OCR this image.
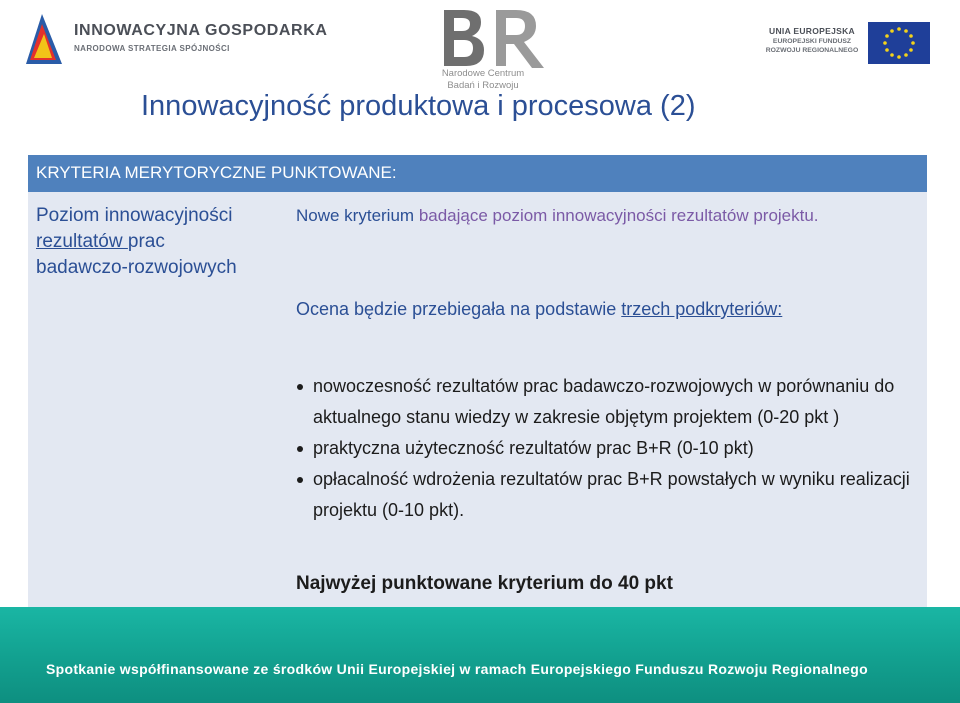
INNOWACYJNA GOSPODARKA
NARODOWA STRATEGIA SPÓJNOŚCI
Narodowe Centrum
Badań i Rozwoju
UNIA EUROPEJSKA
EUROPEJSKI FUNDUSZ
ROZWOJU REGIONALNEGO
Innowacyjność produktowa i procesowa (2)
KRYTERIA MERYTORYCZNE PUNKTOWANE:
Poziom innowacyjności rezultatów prac badawczo-rozwojowych

Nowe kryterium badające poziom innowacyjności rezultatów projektu.

Ocena będzie przebiegała na podstawie trzech podkryteriów:
nowoczesność rezultatów prac badawczo-rozwojowych w porównaniu do aktualnego stanu wiedzy w zakresie objętym projektem (0-20 pkt )
praktyczna użyteczność rezultatów prac B+R (0-10 pkt)
opłacalność wdrożenia rezultatów prac B+R powstałych w wyniku realizacji projektu (0-10 pkt).
Najwyżej punktowane kryterium do 40 pkt
Spotkanie współfinansowane ze środków Unii Europejskiej w ramach Europejskiego Funduszu Rozwoju Regionalnego
